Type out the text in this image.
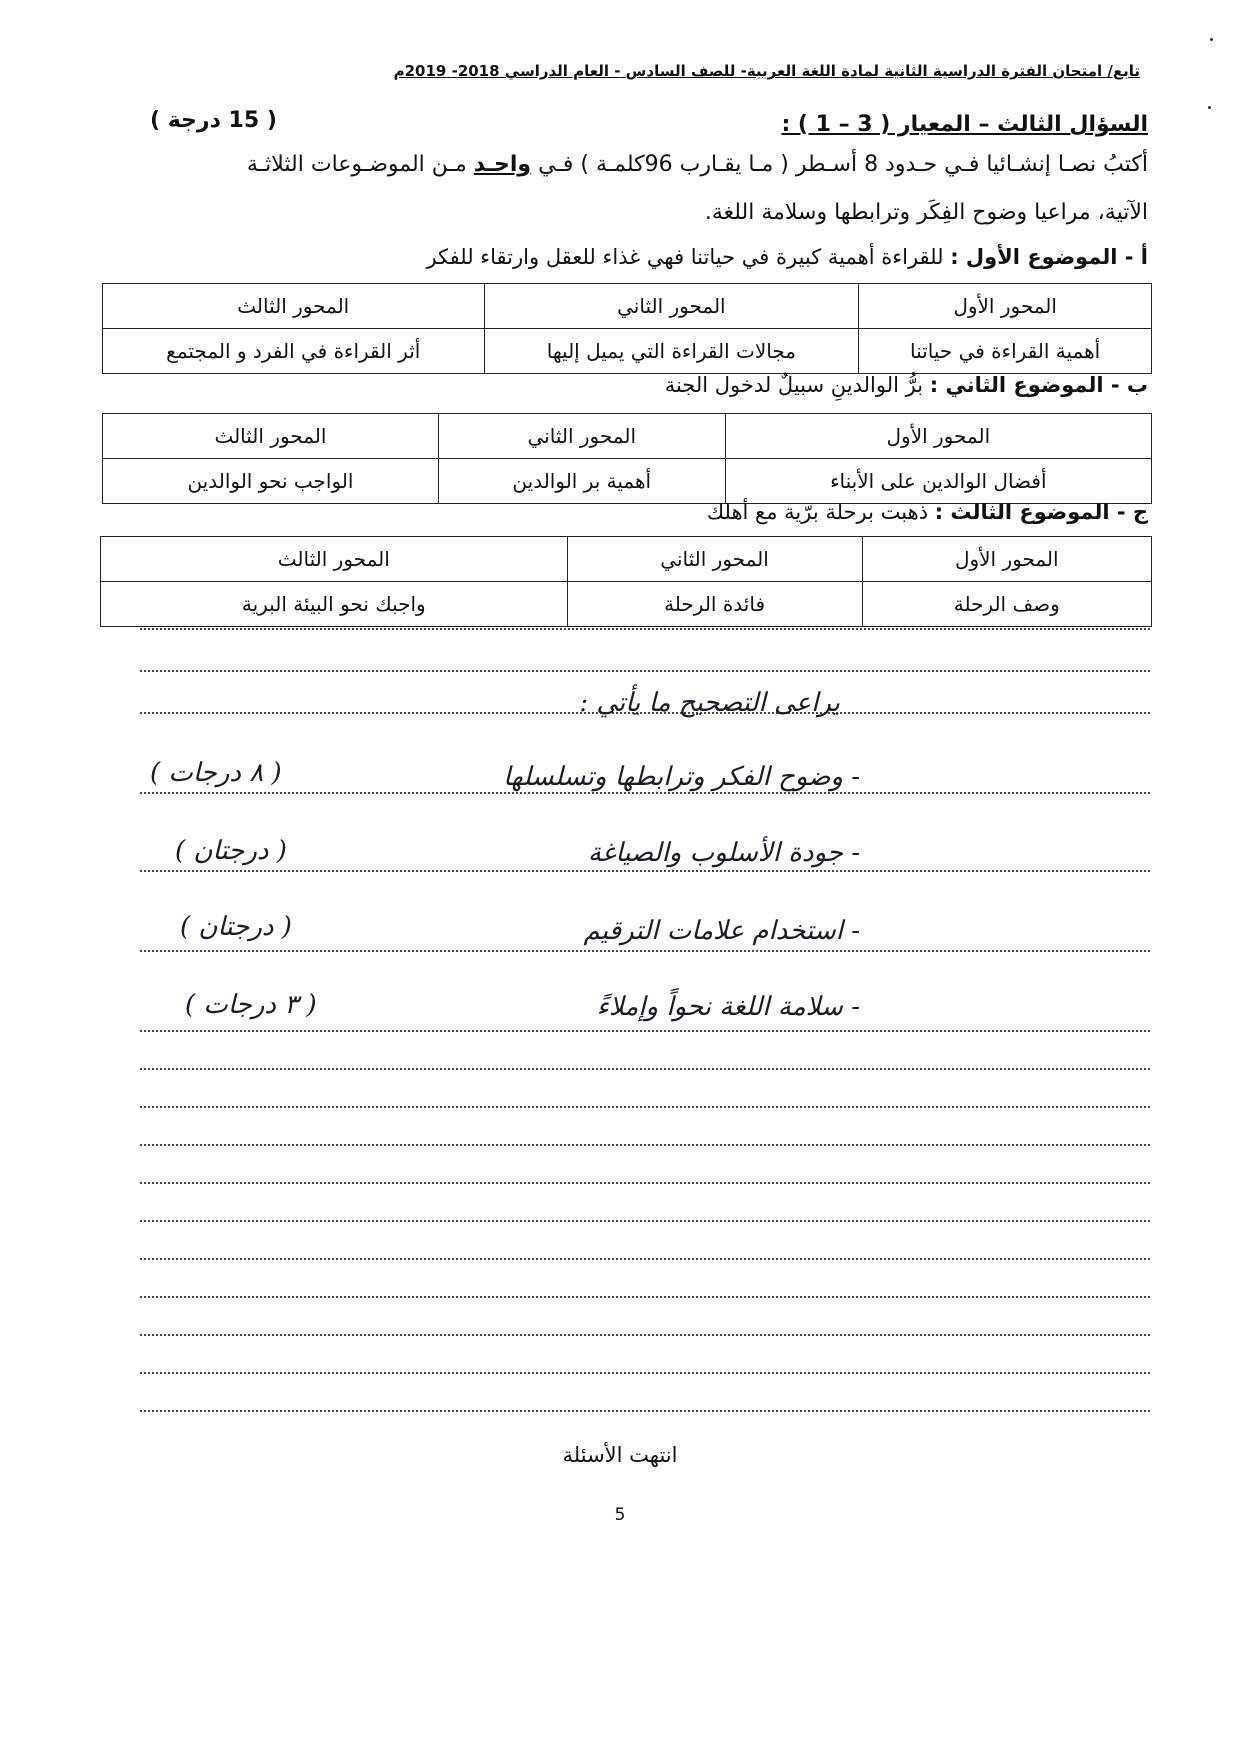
تابع/ امتحان الفترة الدراسية الثانية لمادة اللغة العربية- للصف السادس - العام الدراسي 2018- 2019م
السؤال الثالث – المعيار ( 3 – 1 ) :
( 15 درجة )
أكتبُ نصـا إنشـائيا فـي حـدود 8 أسـطر ( مـا يقـارب 96كلمـة ) فـي واحـد مـن الموضـوعات الثلاثـة
الآتية، مراعيا وضوح الفِكَر وترابطها وسلامة اللغة.
أ - الموضوع الأول : للقراءة أهمية كبيرة في حياتنا فهي غذاء للعقل وارتقاء للفكر
المحور الأول	المحور الثاني	المحور الثالث
أهمية القراءة في حياتنا	مجالات القراءة التي يميل إليها	أثر القراءة في الفرد و المجتمع
ب - الموضوع الثاني : برُّ الوالدينِ سبيلٌ لدخول الجنة
المحور الأول	المحور الثاني	المحور الثالث
أفضال الوالدين على الأبناء	أهمية بر الوالدين	الواجب نحو الوالدين
ج - الموضوع الثالث : ذهبت برحلة برّية مع أهلك
المحور الأول	المحور الثاني	المحور الثالث
وصف الرحلة	فائدة الرحلة	واجبك نحو البيئة البرية
يراعى التصحيح ما يأتي :
- وضوح الفكر وترابطها وتسلسلها
( ٨ درجات )
- جودة الأسلوب والصياغة
( درجتان )
- استخدام علامات الترقيم
( درجتان )
- سلامة اللغة نحواً وإملاءً
( ٣ درجات )
انتهت الأسئلة
5
